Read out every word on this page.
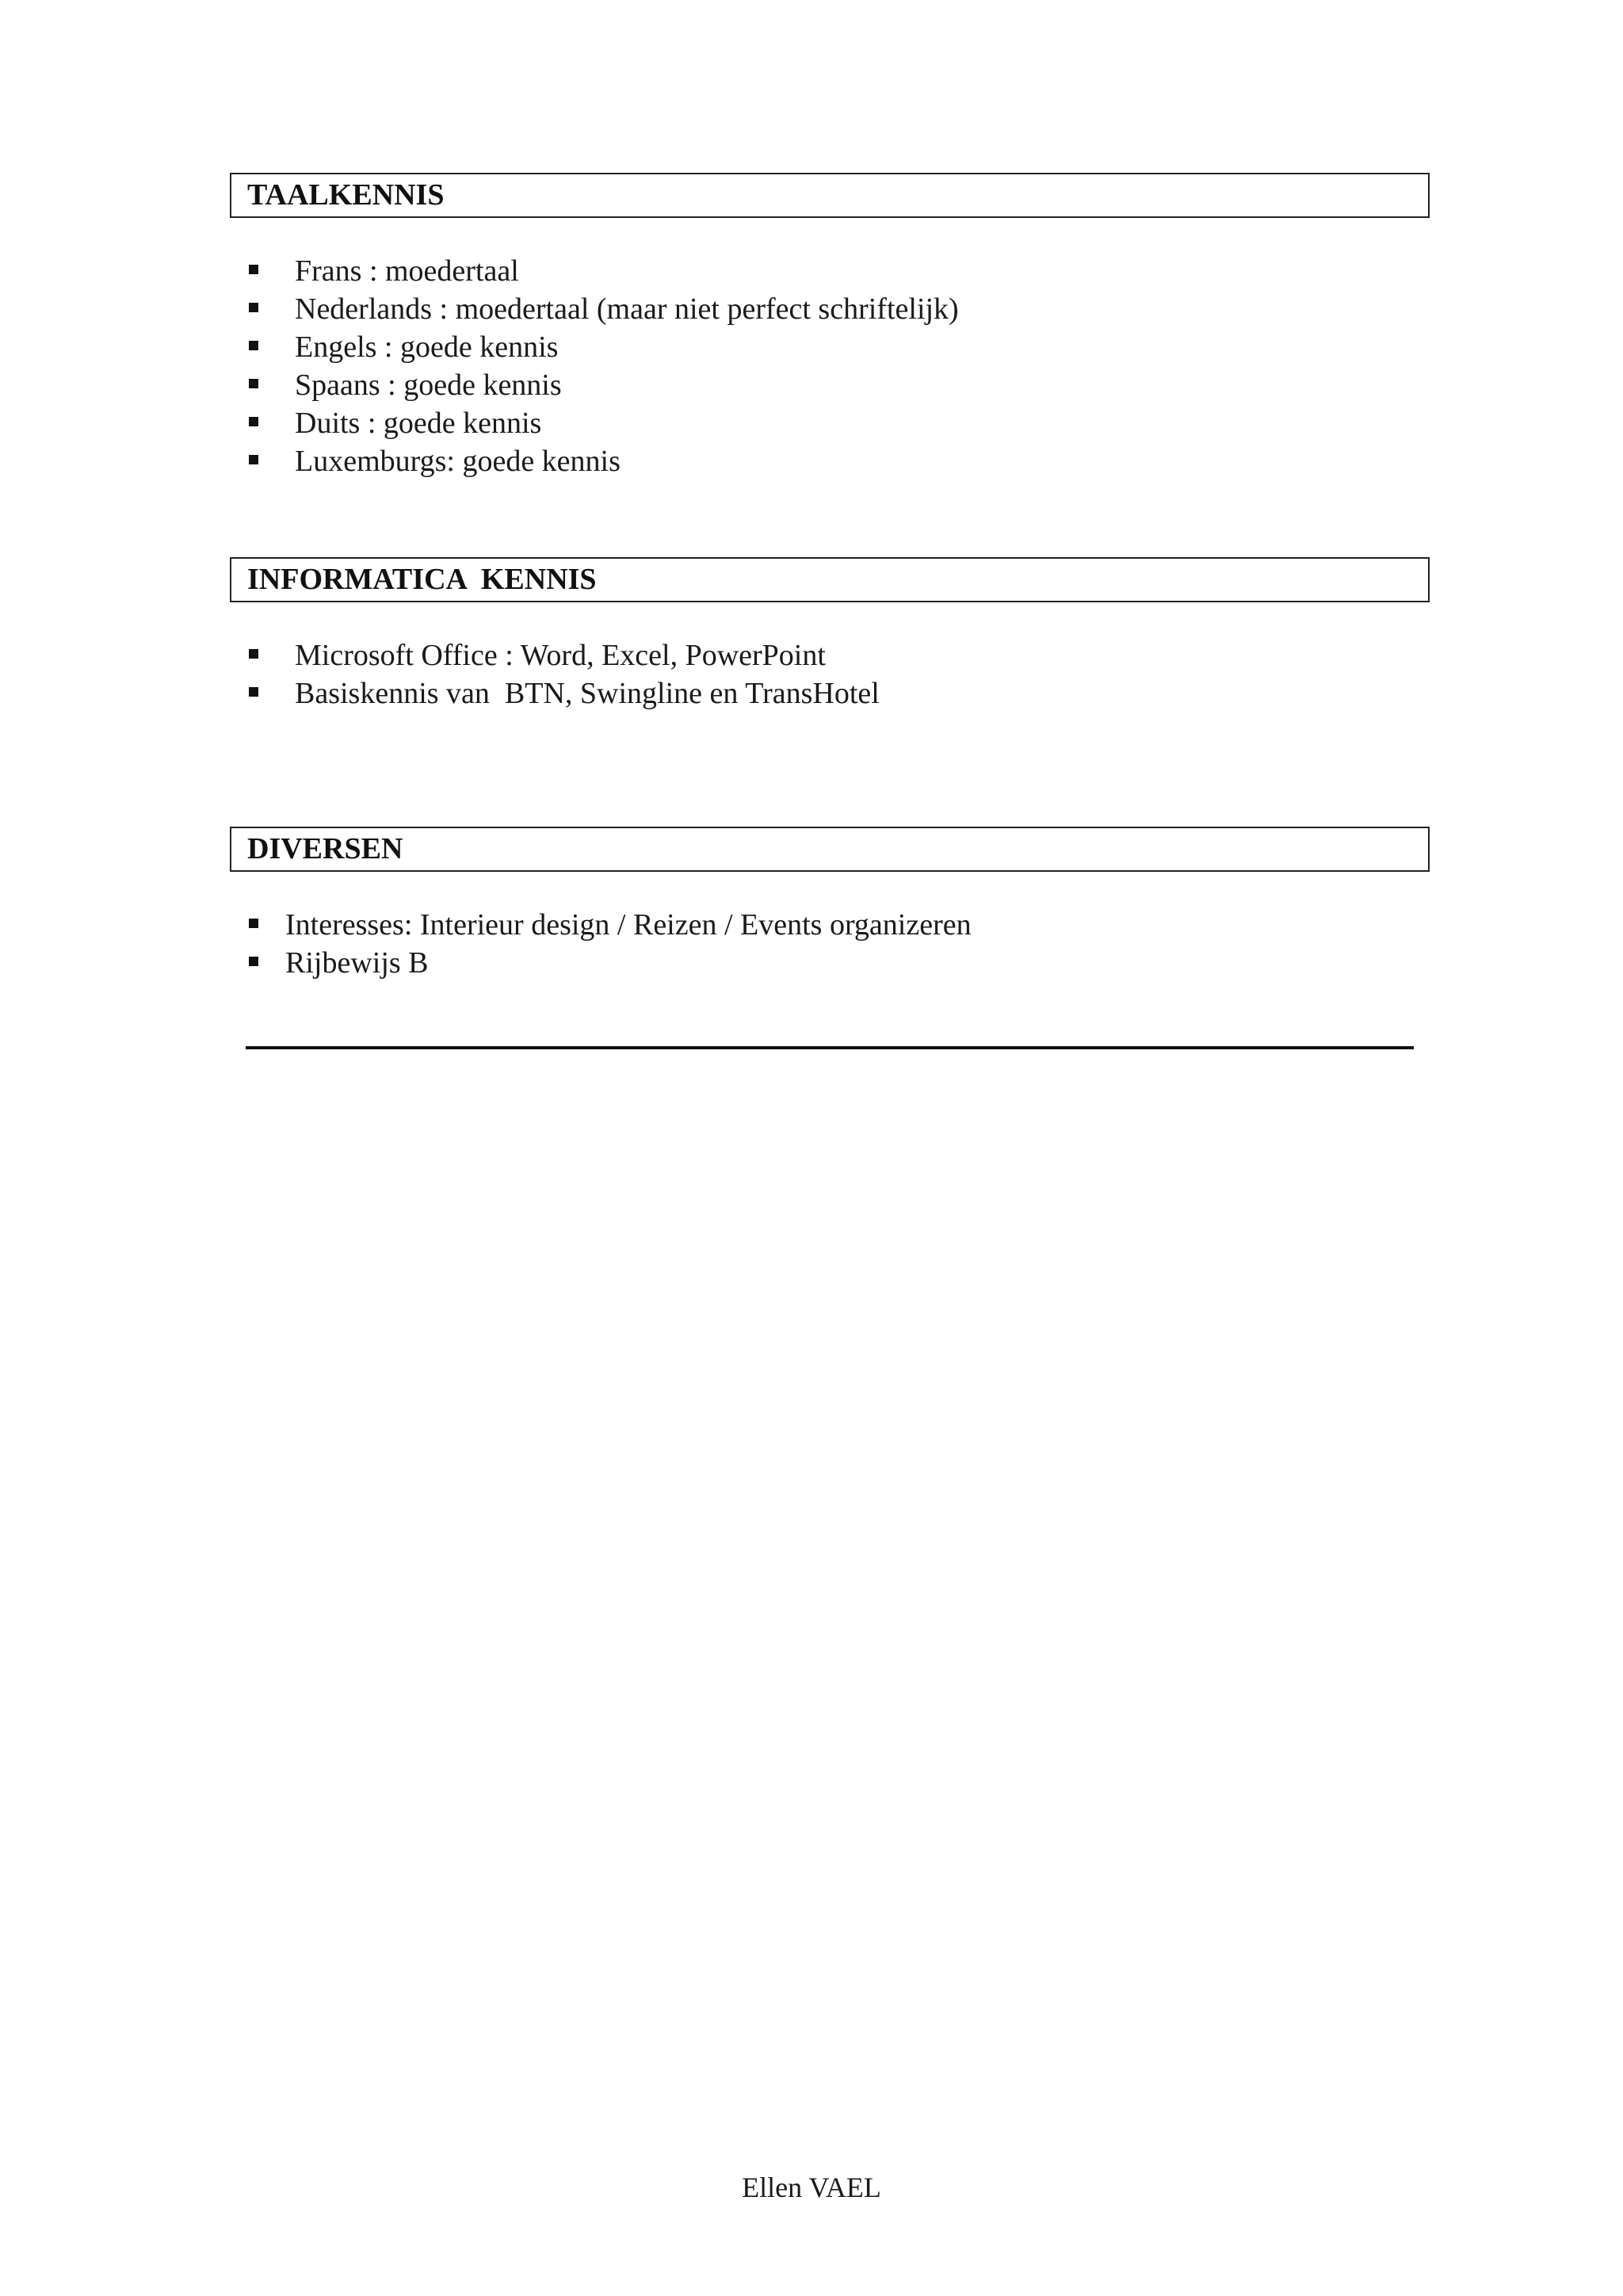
TAALKENNIS
Frans : moedertaal
Nederlands : moedertaal (maar niet perfect schriftelijk)
Engels : goede kennis
Spaans : goede kennis
Duits : goede kennis
Luxemburgs: goede kennis
INFORMATICA  KENNIS
Microsoft Office : Word, Excel, PowerPoint
Basiskennis van  BTN, Swingline en TransHotel
DIVERSEN
Interesses: Interieur design / Reizen / Events organizeren
Rijbewijs B
Ellen VAEL
